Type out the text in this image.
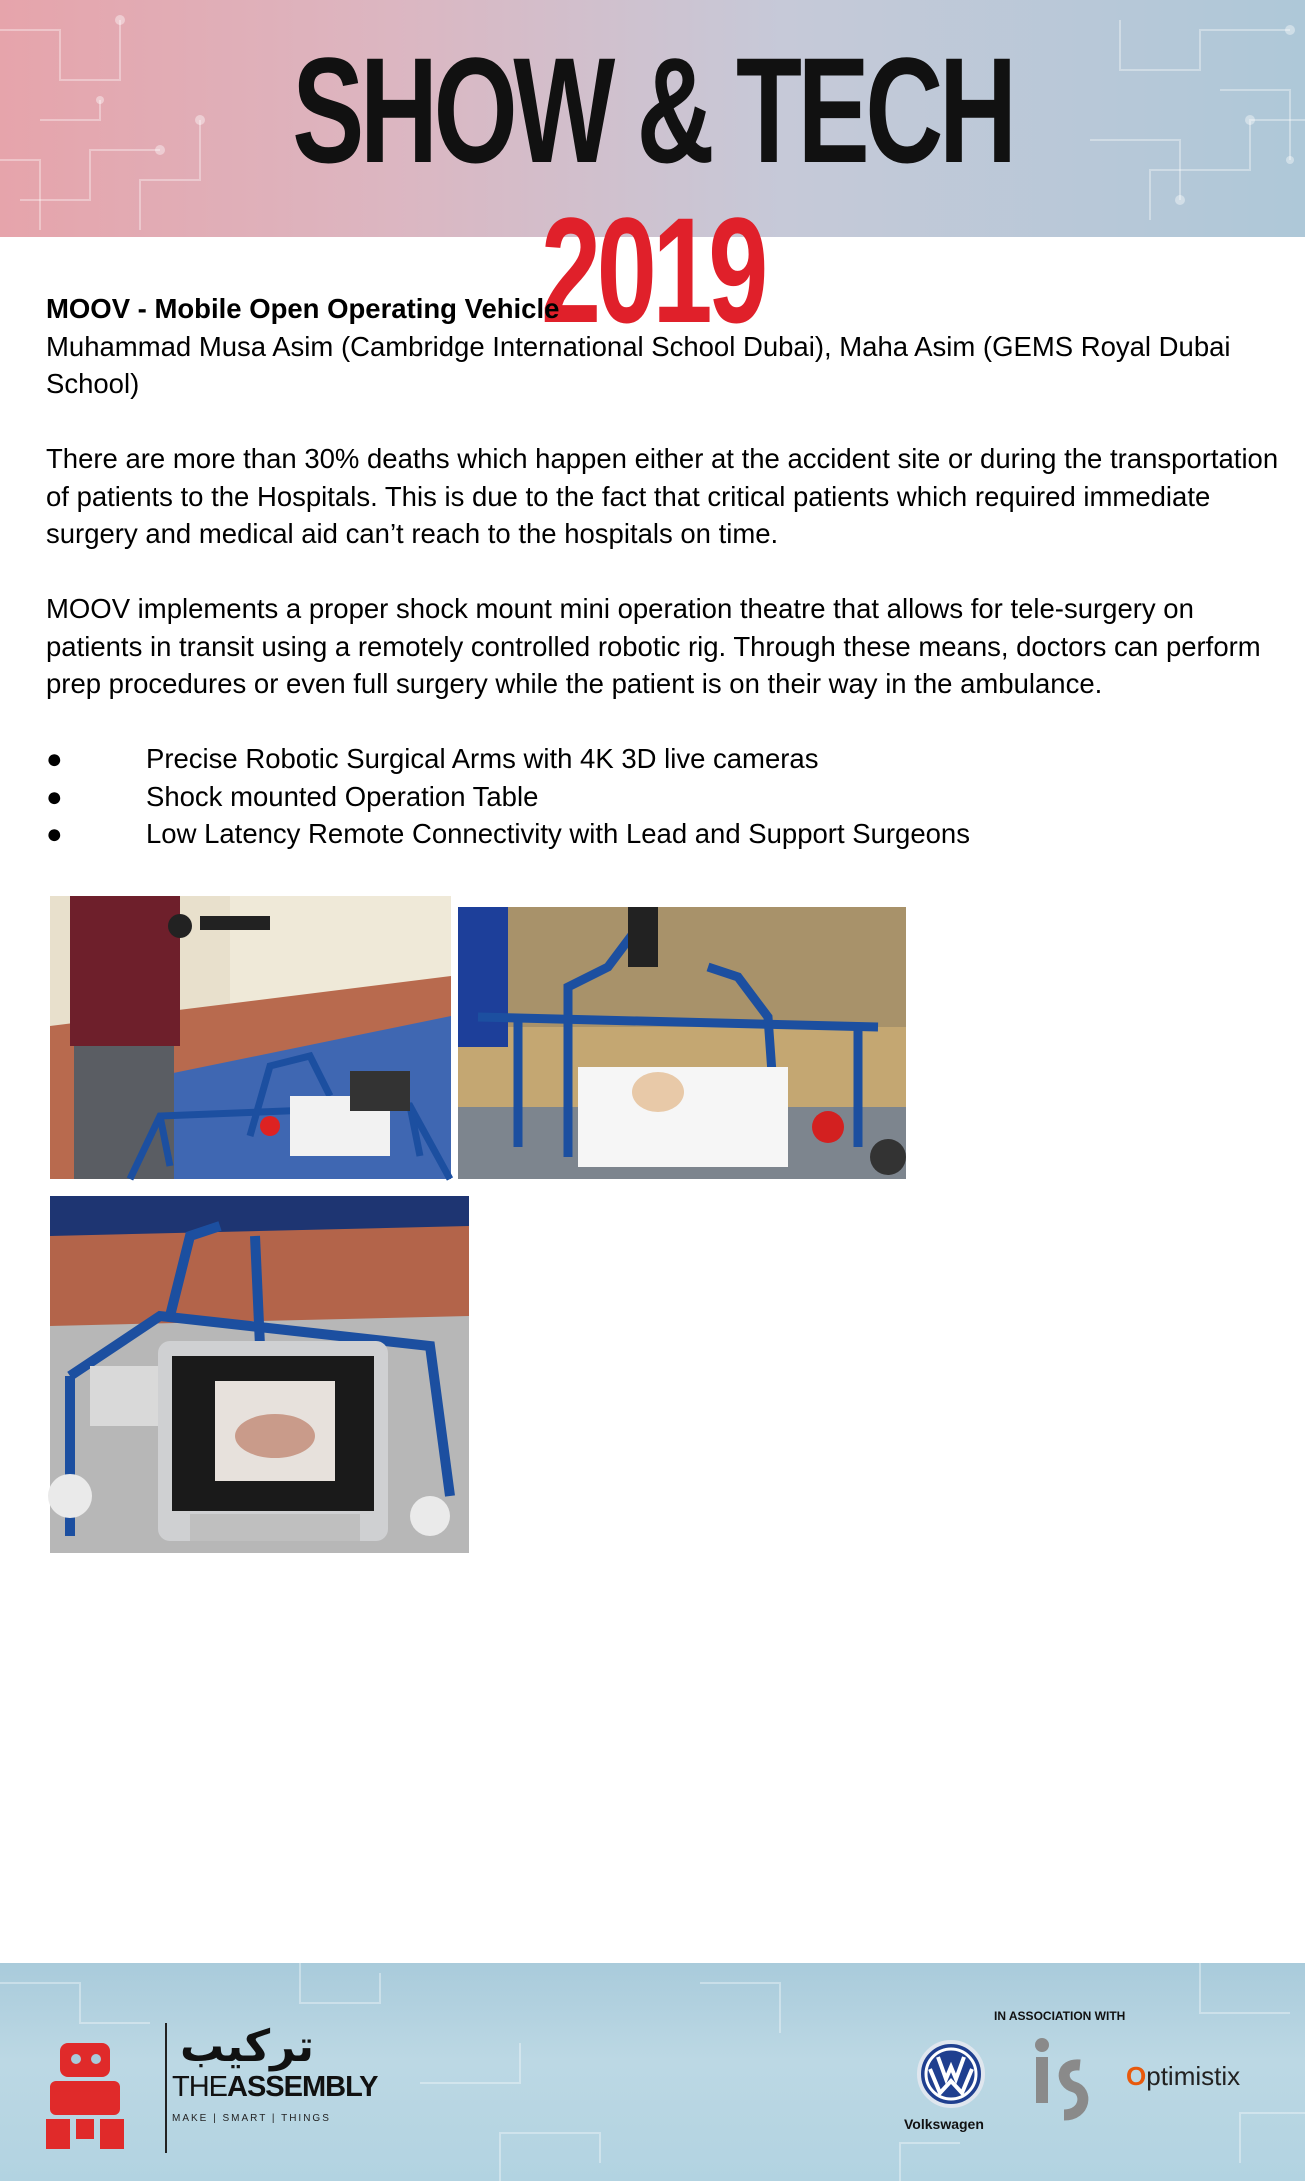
SHOW & TECH 2019

MOOV - Mobile Open Operating Vehicle

Muhammad Musa Asim (Cambridge International School Dubai), Maha Asim (GEMS Royal Dubai School)

There are more than 30% deaths which happen either at the accident site or during the transportation of patients to the Hospitals. This is due to the fact that critical patients which required immediate surgery and medical aid can’t reach to the hospitals on time.

MOOV implements a proper shock mount mini operation theatre that allows for tele-surgery on patients in transit using a remotely controlled robotic rig. Through these means, doctors can perform prep procedures or even full surgery while the patient is on their way in the ambulance.

●	Precise Robotic Surgical Arms with 4K 3D live cameras
●	Shock mounted Operation Table
●	Low Latency Remote Connectivity with Lead and Support Surgeons
تركيب
THEASSEMBLY
MAKE | SMART | THINGS
IN ASSOCIATION WITH
Volkswagen
Optimistix
